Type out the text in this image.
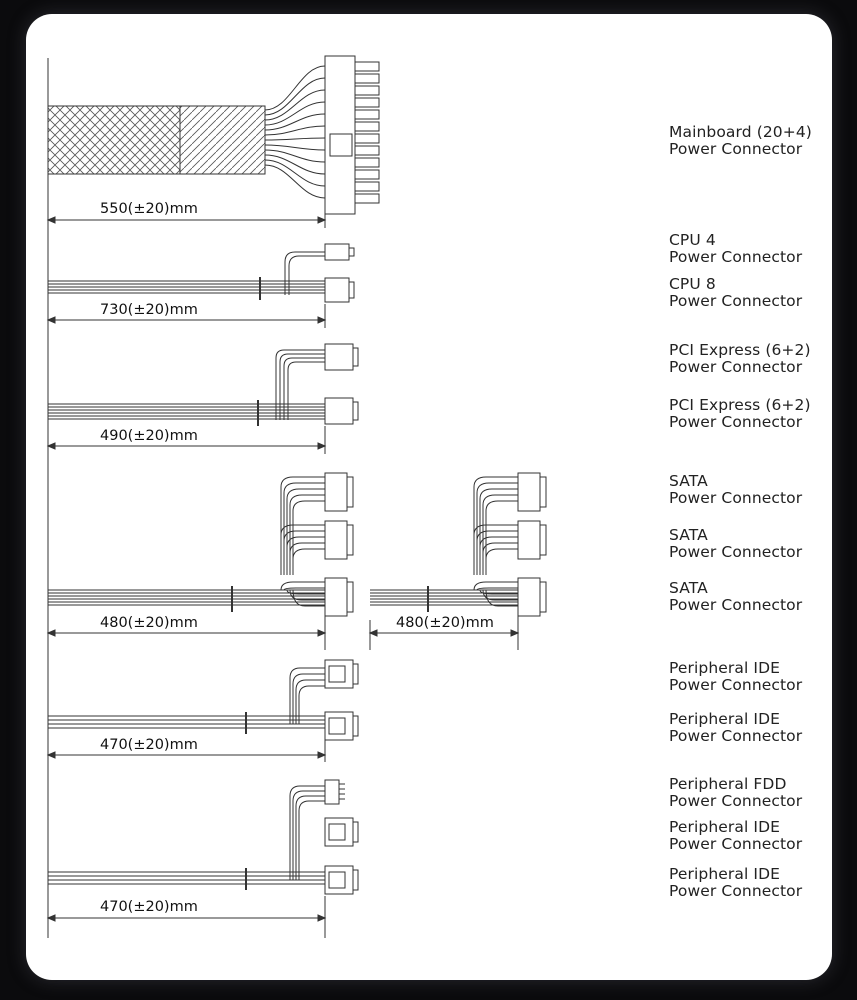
550(±20)mm
730(±20)mm
490(±20)mm
480(±20)mm	480(±20)mm
470(±20)mm
470(±20)mm
Mainboard (20+4)
Power Connector
CPU 4
Power Connector
CPU 8
Power Connector
PCI Express (6+2)
Power Connector
PCI Express (6+2)
Power Connector
SATA
Power Connector
SATA
Power Connector
SATA
Power Connector
Peripheral IDE
Power Connector
Peripheral IDE
Power Connector
Peripheral FDD
Power Connector
Peripheral IDE
Power Connector
Peripheral IDE
Power Connector
